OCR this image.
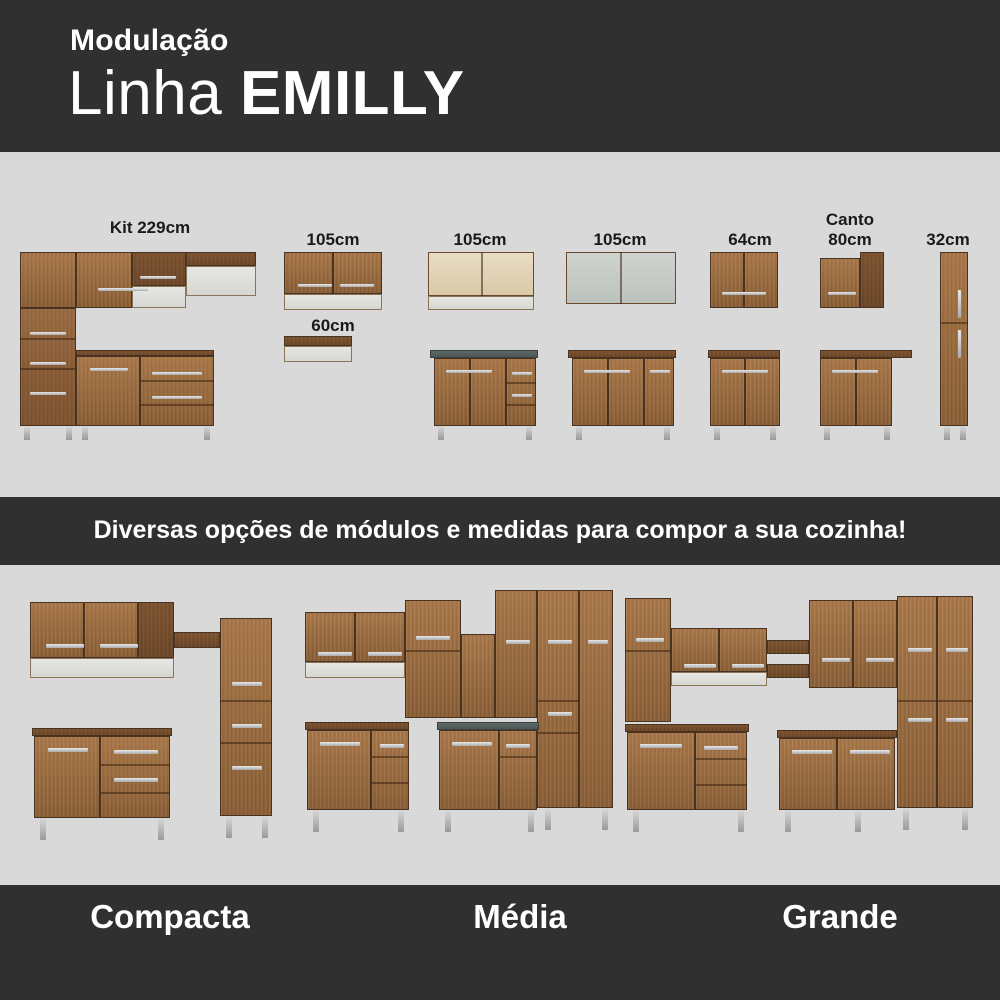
Modulação
Linha EMILLY
Kit 229cm
105cm
60cm
105cm	105cm	64cm
Canto
80cm	32cm
Diversas opções de módulos e medidas para compor a sua cozinha!
Compacta	Média	Grande
